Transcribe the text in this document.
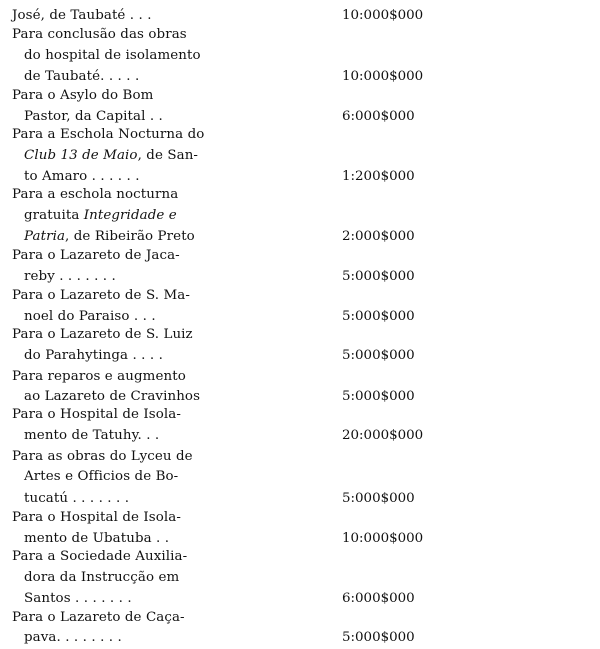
José, de Taubaté . . .	10:000$000
Para conclusão das obras
do hospital de isolamento
de Taubaté. . . . .	10:000$000
Para o Asylo do Bom
Pastor, da Capital . .	6:000$000
Para a Eschola Nocturna do
Club 13 de Maio, de San-
to Amaro . . . . . .	1:200$000
Para a eschola nocturna
gratuita Integridade e
Patria, de Ribeirão Preto	2:000$000
Para o Lazareto de Jaca-
reby . . . . . . .	5:000$000
Para o Lazareto de S. Ma-
noel do Paraiso . . .	5:000$000
Para o Lazareto de S. Luiz
do Parahytinga . . . .	5:000$000
Para reparos e augmento
ao Lazareto de Cravinhos	5:000$000
Para o Hospital de Isola-
mento de Tatuhy. . .	20:000$000
Para as obras do Lyceu de
Artes e Officios de Bo-
tucatú . . . . . . .	5:000$000
Para o Hospital de Isola-
mento de Ubatuba . .	10:000$000
Para a Sociedade Auxilia-
dora da Instrucção em
Santos . . . . . . .	6:000$000
Para o Lazareto de Caça-
pava. . . . . . . .	5:000$000
